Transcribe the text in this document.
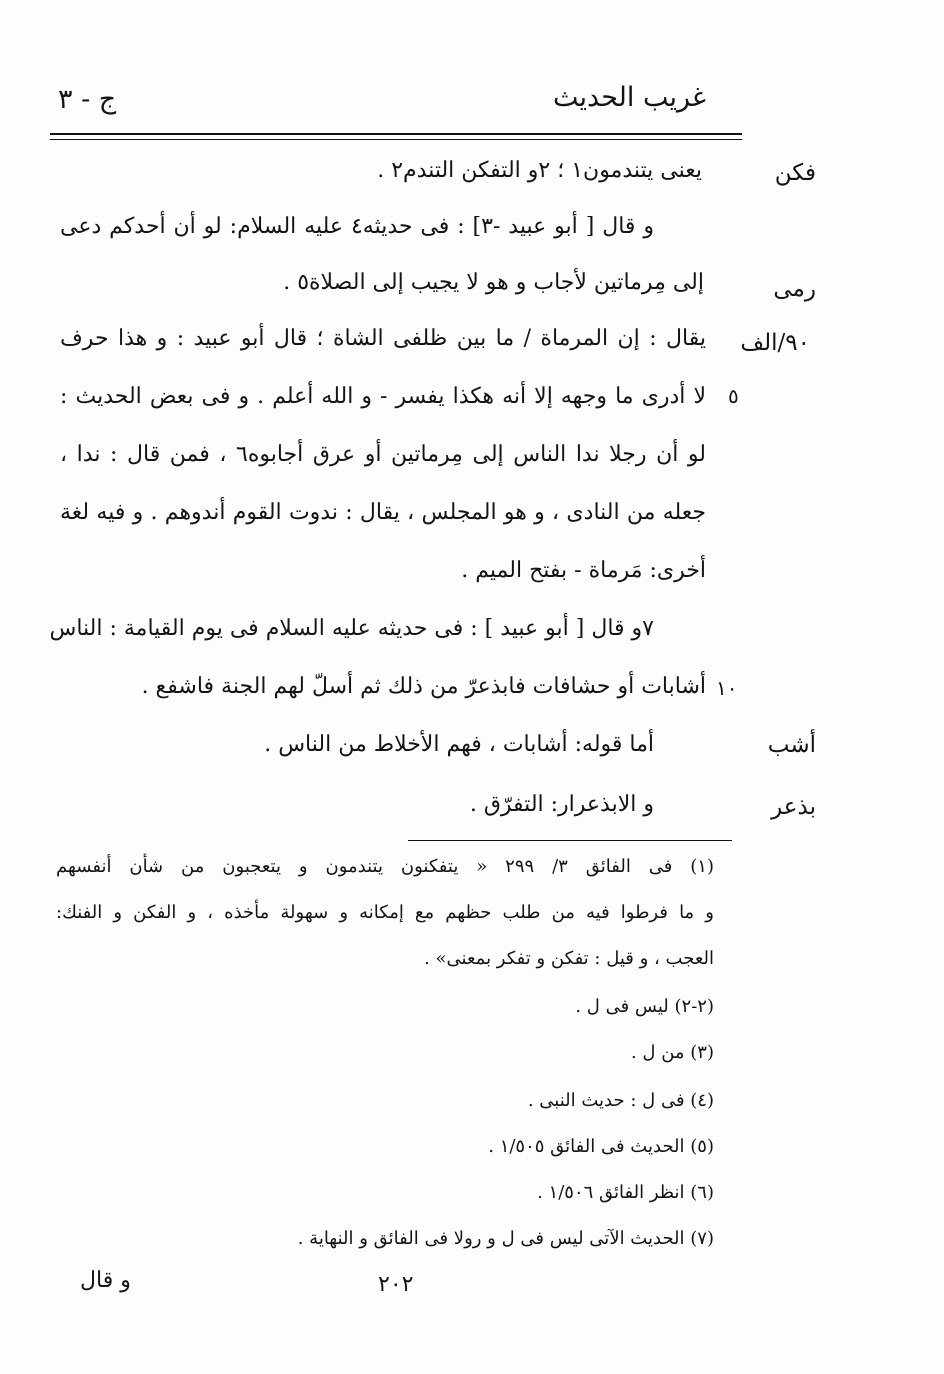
غريب الحديث
ج - ٣
فكن
رمى
٩٠/الف
أشب
بذعر
٥
١٠
يعنى يتندمون١ ؛ ٢و التفكن التندم٢ .
و قال [ أبو عبيد -٣] : فى حديثه٤ عليه السلام: لو أن أحدكم دعى
إلى مِرماتين لأجاب و هو لا يجيب إلى الصلاة٥ .
يقال : إن المرماة / ما بين ظلفى الشاة ؛ قال أبو عبيد : و هذا حرف
لا أدرى ما وجهه إلا أنه هكذا يفسر - و الله أعلم . و فى بعض الحديث :
لو أن رجلا ندا الناس إلى مِرماتين أو عرق أجابوه٦ ، فمن قال : ندا ،
جعله من النادى ، و هو المجلس ، يقال : ندوت القوم أندوهم . و فيه لغة
أخرى: مَرماة - بفتح الميم .
٧و قال [ أبو عبيد ] : فى حديثه عليه السلام فى يوم القيامة : الناس
أشابات أو حشافات فابذعرّ من ذلك ثم أسلّ لهم الجنة فاشفع .
أما قوله: أشابات ، فهم الأخلاط من الناس .
و الابذعرار: التفرّق .
(١) فى الفائق ٣/ ٢٩٩ « يتفكنون يتندمون و يتعجبون من شأن أنفسهم
و ما فرطوا فيه من طلب حظهم مع إمكانه و سهولة مأخذه ، و الفكن و الفنك:
العجب ، و قيل : تفكن و تفكر بمعنى» .
(٢-٢) ليس فى ل .
(٣) من ل .
(٤) فى ل : حديث النبى .
(٥) الحديث فى الفائق ١/٥٠٥ .
(٦) انظر الفائق ١/٥٠٦ .
(٧) الحديث الآتى ليس فى ل و رولا فى الفائق و النهاية .
٢٠٢
و قال
